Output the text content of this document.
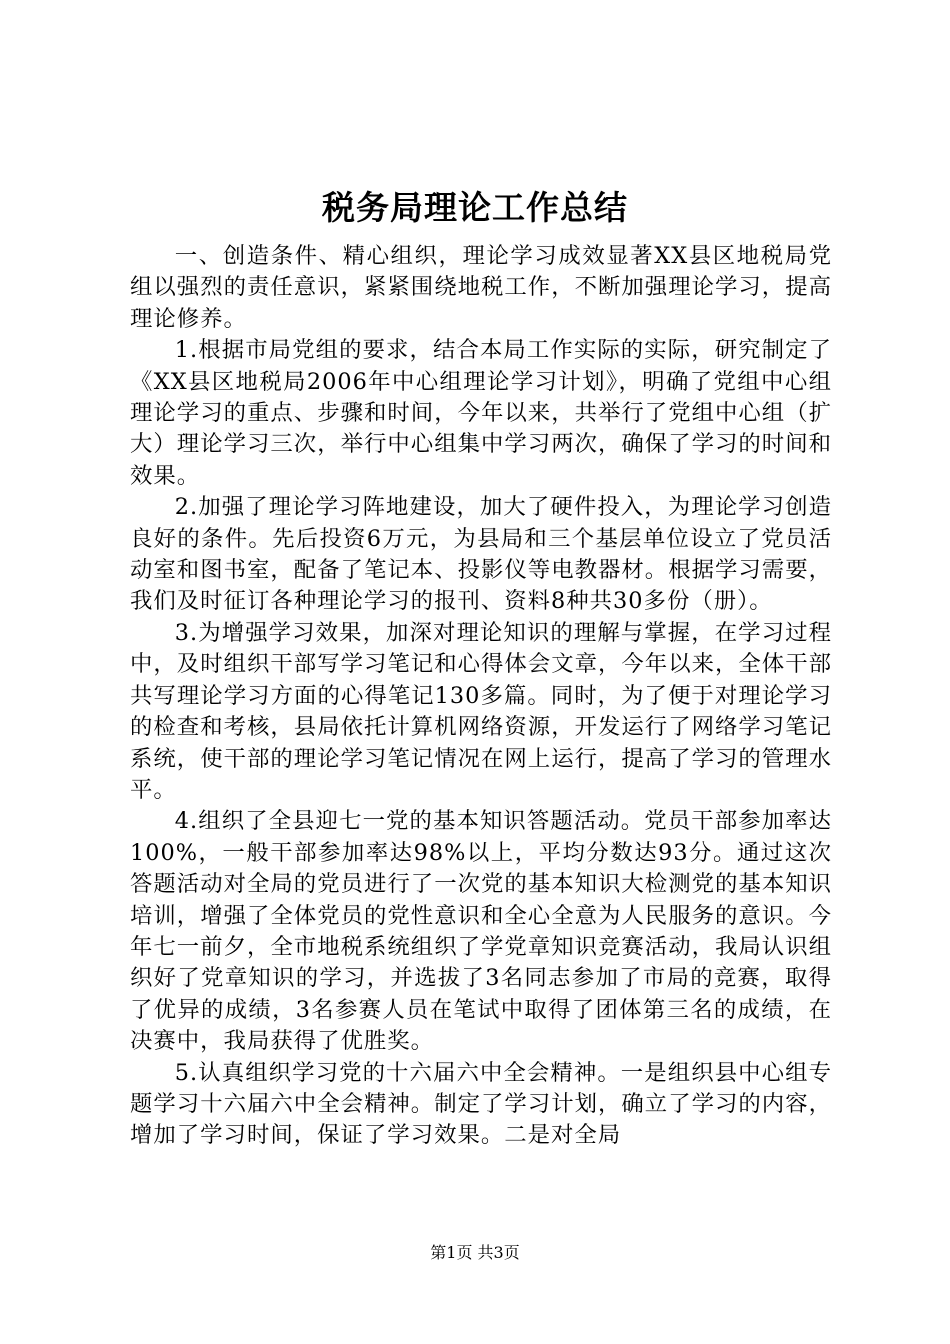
税务局理论工作总结

一、创造条件、精心组织，理论学习成效显著XX县区地税局党组以强烈的责任意识，紧紧围绕地税工作，不断加强理论学习，提高理论修养。

1.根据市局党组的要求，结合本局工作实际的实际，研究制定了《XX县区地税局2006年中心组理论学习计划》，明确了党组中心组理论学习的重点、步骤和时间，今年以来，共举行了党组中心组（扩大）理论学习三次，举行中心组集中学习两次，确保了学习的时间和效果。

2.加强了理论学习阵地建设，加大了硬件投入，为理论学习创造良好的条件。先后投资6万元，为县局和三个基层单位设立了党员活动室和图书室，配备了笔记本、投影仪等电教器材。根据学习需要，我们及时征订各种理论学习的报刊、资料8种共30多份（册）。

3.为增强学习效果，加深对理论知识的理解与掌握，在学习过程中，及时组织干部写学习笔记和心得体会文章，今年以来，全体干部共写理论学习方面的心得笔记130多篇。同时，为了便于对理论学习的检查和考核，县局依托计算机网络资源，开发运行了网络学习笔记系统，使干部的理论学习笔记情况在网上运行，提高了学习的管理水平。

4.组织了全县迎七一党的基本知识答题活动。党员干部参加率达100%，一般干部参加率达98%以上，平均分数达93分。通过这次答题活动对全局的党员进行了一次党的基本知识大检测党的基本知识培训，增强了全体党员的党性意识和全心全意为人民服务的意识。今年七一前夕，全市地税系统组织了学党章知识竞赛活动，我局认识组织好了党章知识的学习，并选拔了3名同志参加了市局的竞赛，取得了优异的成绩，3名参赛人员在笔试中取得了团体第三名的成绩，在决赛中，我局获得了优胜奖。

5.认真组织学习党的十六届六中全会精神。一是组织县中心组专题学习十六届六中全会精神。制定了学习计划，确立了学习的内容，增加了学习时间，保证了学习效果。二是对全局

第1页 共3页
